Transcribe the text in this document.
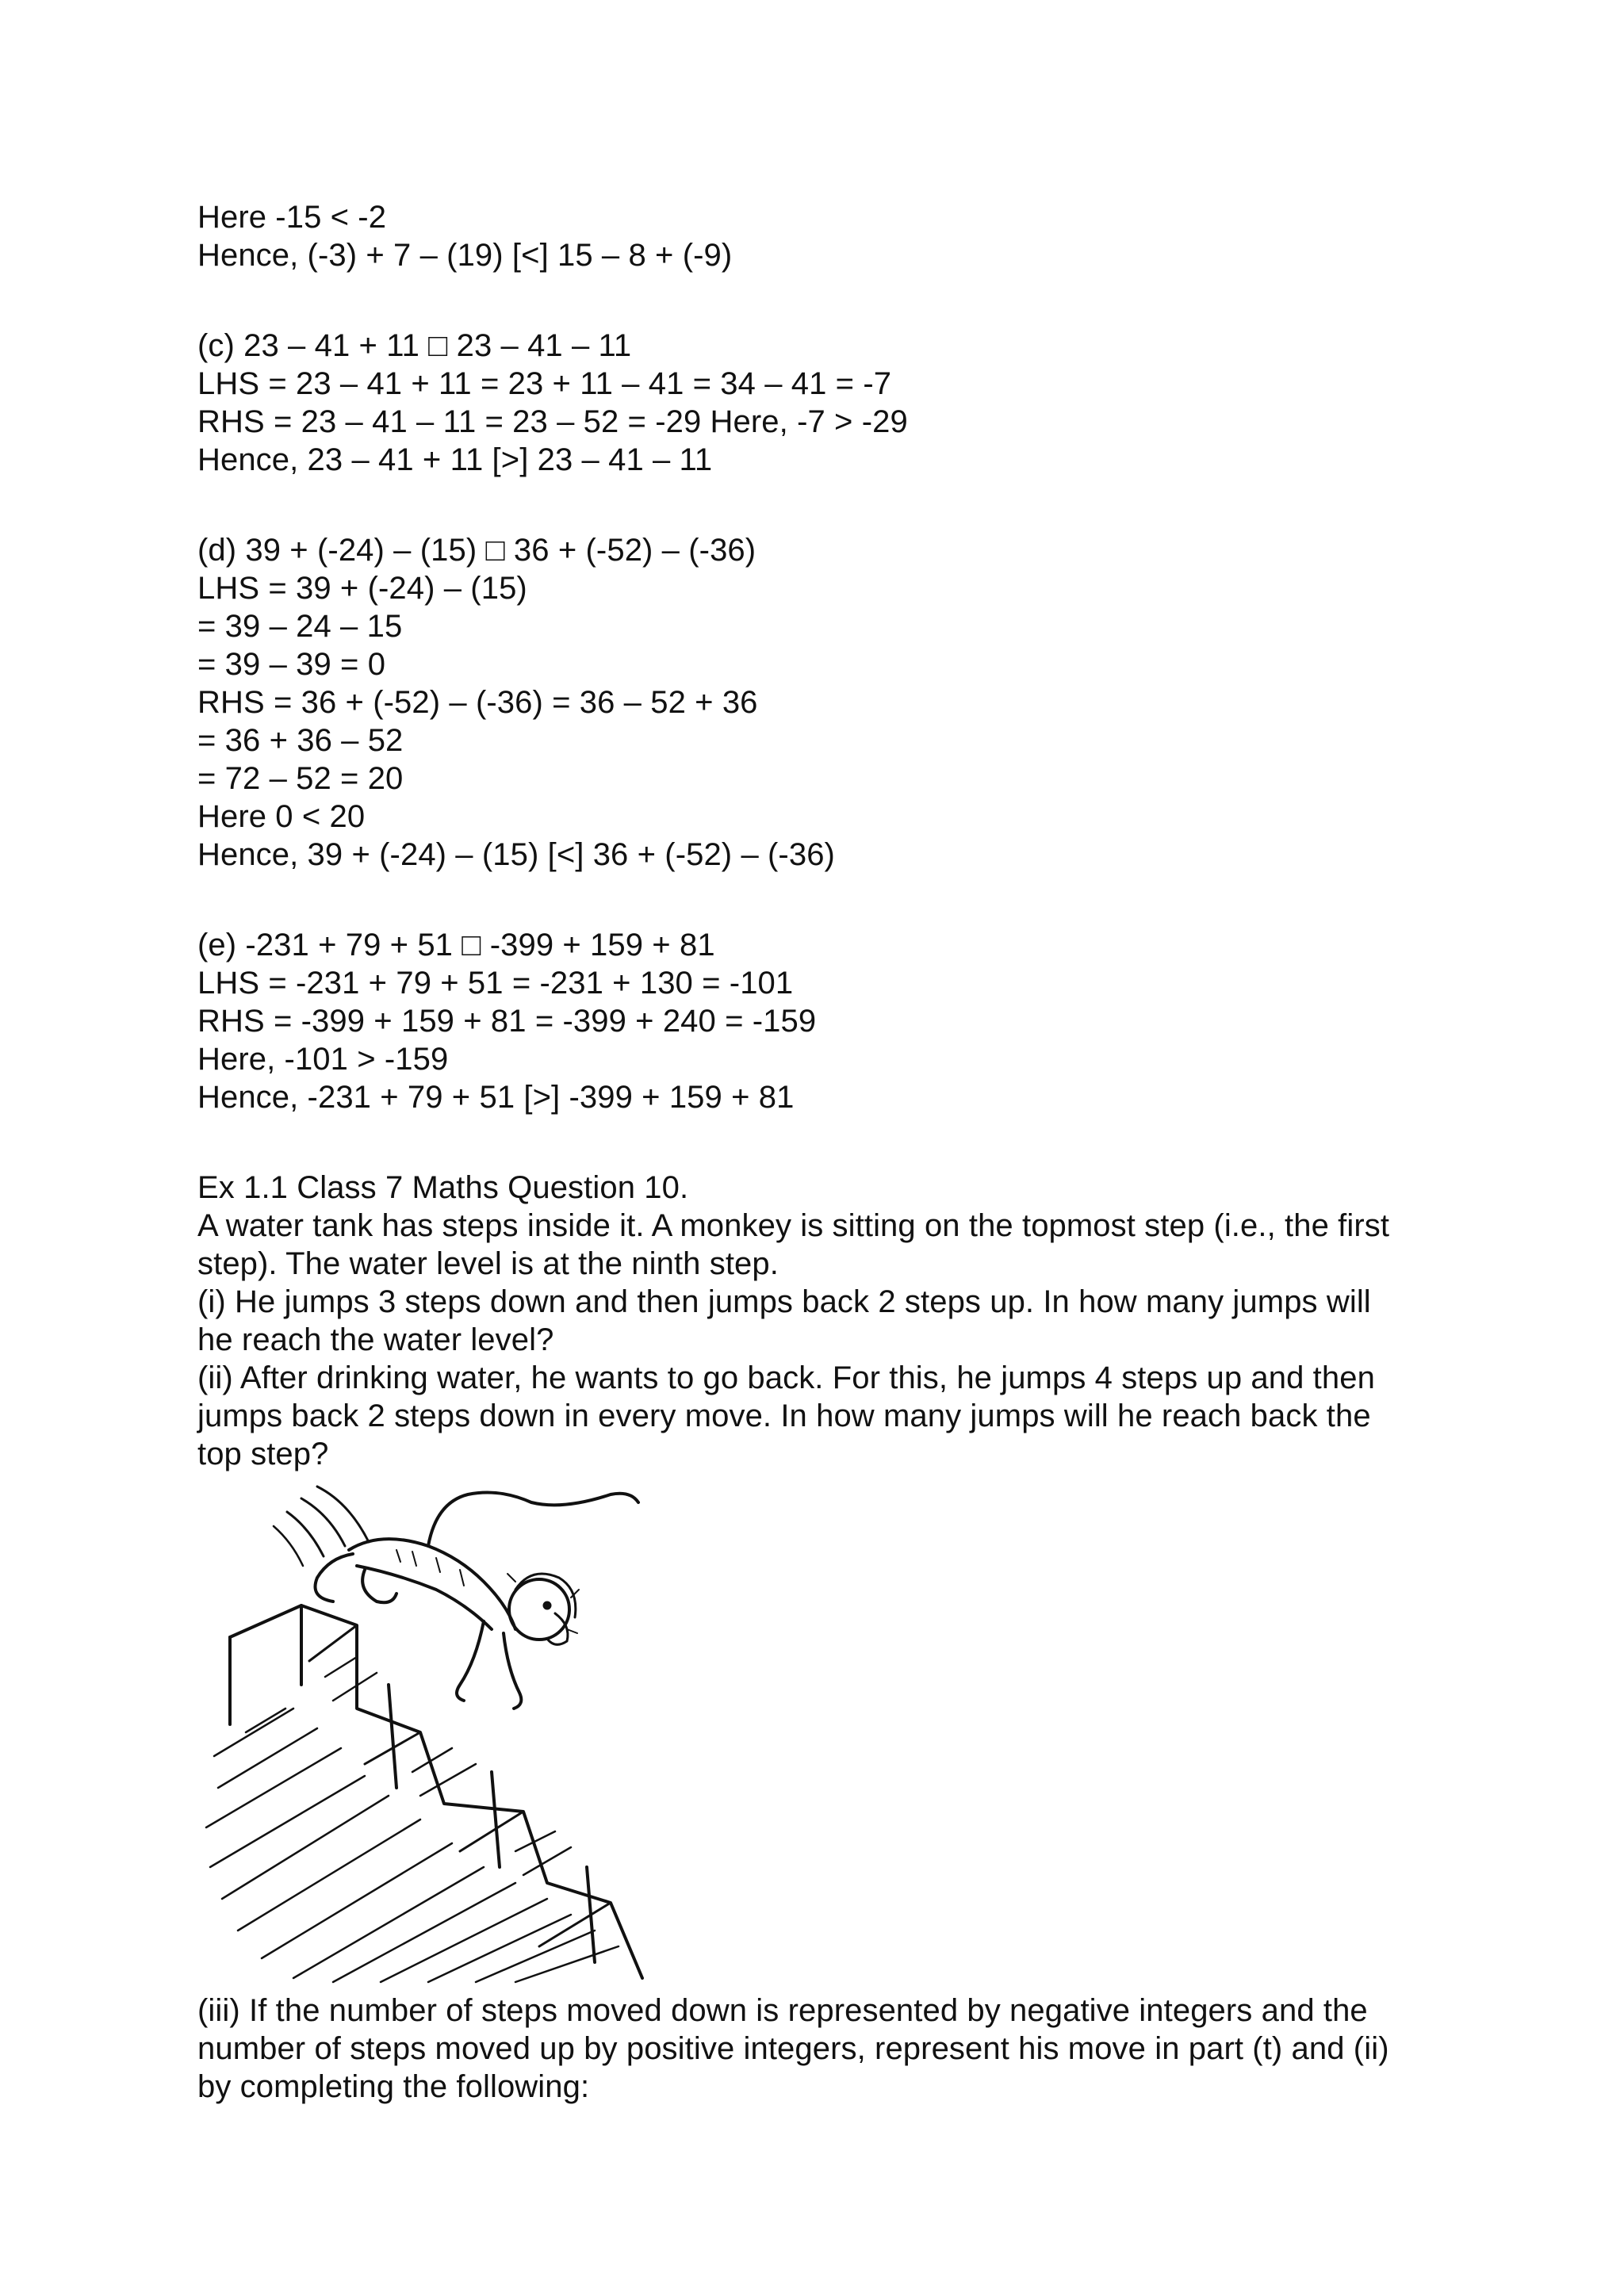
Here -15 < -2
Hence, (-3) + 7 – (19) [<] 15 – 8 + (-9)
(c) 23 – 41 + 11 □ 23 – 41 – 11
LHS = 23 – 41 + 11 = 23 + 11 – 41 = 34 – 41 = -7
RHS = 23 – 41 – 11 = 23 – 52 = -29 Here, -7 > -29
Hence, 23 – 41 + 11 [>] 23 – 41 – 11
(d) 39 + (-24) – (15) □ 36 + (-52) – (-36)
LHS = 39 + (-24) – (15)
= 39 – 24 – 15
= 39 – 39 = 0
RHS = 36 + (-52) – (-36) = 36 – 52 + 36
= 36 + 36 – 52
= 72 – 52 = 20
Here 0 < 20
Hence, 39 + (-24) – (15) [<] 36 + (-52) – (-36)
(e) -231 + 79 + 51 □ -399 + 159 + 81
LHS = -231 + 79 + 51 = -231 + 130 = -101
RHS = -399 + 159 + 81 = -399 + 240 = -159
Here, -101 > -159
Hence, -231 + 79 + 51 [>] -399 + 159 + 81
Ex 1.1 Class 7 Maths Question 10.
A water tank has steps inside it. A monkey is sitting on the topmost step (i.e., the first
step). The water level is at the ninth step.
(i) He jumps 3 steps down and then jumps back 2 steps up. In how many jumps will
he reach the water level?
(ii) After drinking water, he wants to go back. For this, he jumps 4 steps up and then
jumps back 2 steps down in every move. In how many jumps will he reach back the
top step?
(iii) If the number of steps moved down is represented by negative integers and the
number of steps moved up by positive integers, represent his move in part (t) and (ii)
by completing the following:
